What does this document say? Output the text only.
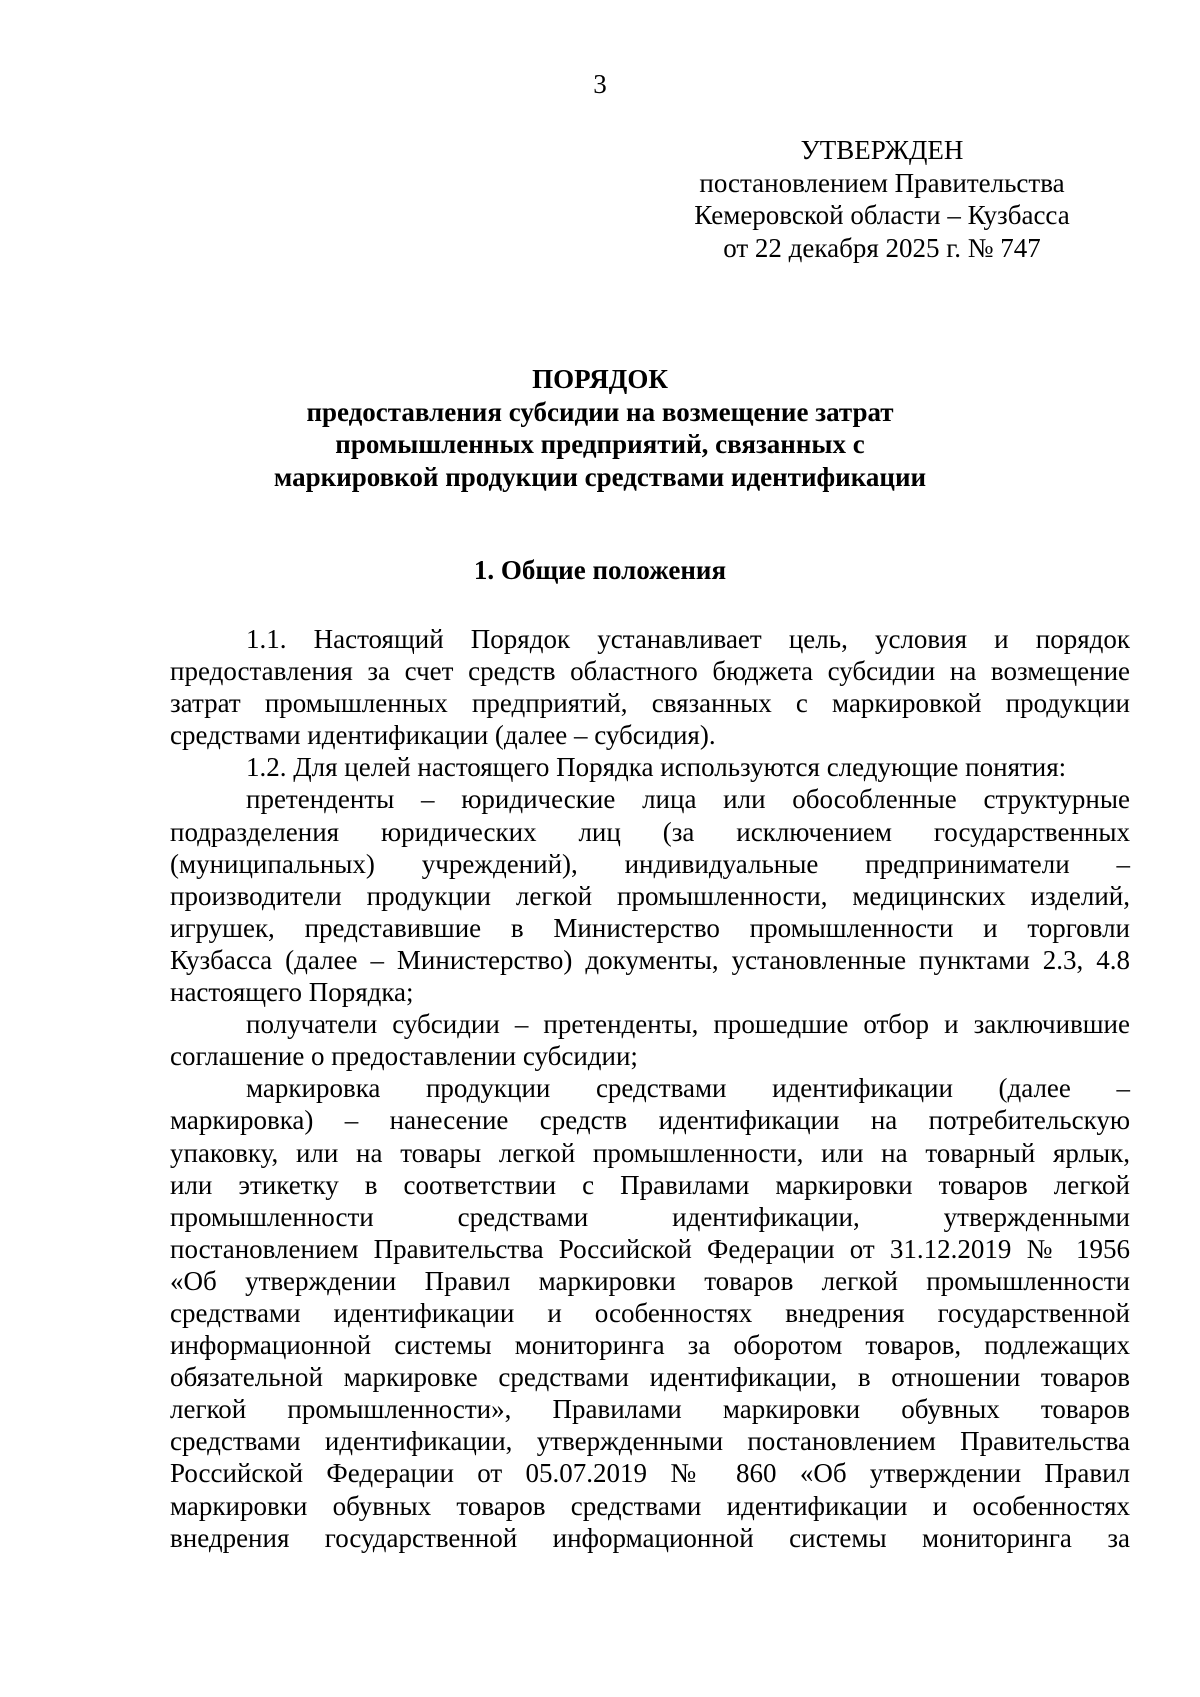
3
УТВЕРЖДЕН
постановлением Правительства
Кемеровской области – Кузбасса
от 22 декабря 2025 г. № 747
ПОРЯДОК
предоставления субсидии на возмещение затрат
промышленных предприятий, связанных с
маркировкой продукции средствами идентификации
1. Общие положения
1.1. Настоящий Порядок устанавливает цель, условия и порядок
предоставления за счет средств областного бюджета субсидии на возмещение
затрат промышленных предприятий, связанных с маркировкой продукции
средствами идентификации (далее – субсидия).
1.2. Для целей настоящего Порядка используются следующие понятия:
претенденты – юридические лица или обособленные структурные
подразделения юридических лиц (за исключением государственных
(муниципальных) учреждений), индивидуальные предприниматели –
производители продукции легкой промышленности, медицинских изделий,
игрушек, представившие в Министерство промышленности и торговли
Кузбасса (далее – Министерство) документы, установленные пунктами 2.3, 4.8
настоящего Порядка;
получатели субсидии – претенденты, прошедшие отбор и заключившие
соглашение о предоставлении субсидии;
маркировка продукции средствами идентификации (далее –
маркировка) – нанесение средств идентификации на потребительскую
упаковку, или на товары легкой промышленности, или на товарный ярлык,
или этикетку в соответствии с Правилами маркировки товаров легкой
промышленности средствами идентификации, утвержденными
постановлением Правительства Российской Федерации от 31.12.2019 № 1956
«Об утверждении Правил маркировки товаров легкой промышленности
средствами идентификации и особенностях внедрения государственной
информационной системы мониторинга за оборотом товаров, подлежащих
обязательной маркировке средствами идентификации, в отношении товаров
легкой промышленности», Правилами маркировки обувных товаров
средствами идентификации, утвержденными постановлением Правительства
Российской Федерации от 05.07.2019 № 860 «Об утверждении Правил
маркировки обувных товаров средствами идентификации и особенностях
внедрения государственной информационной системы мониторинга за
